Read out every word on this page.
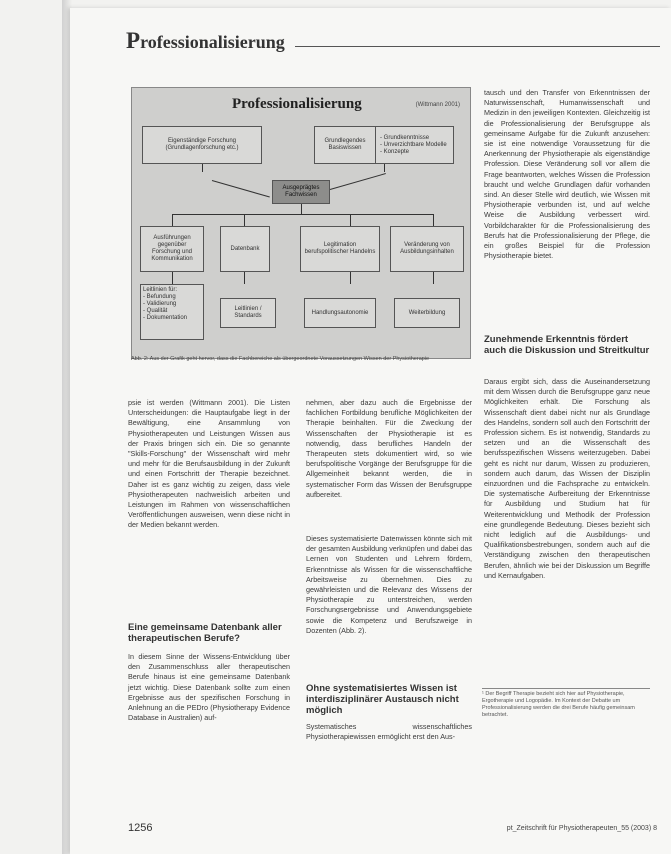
Professionalisierung
Professionalisierung	(Wittmann 2001)
Eigenständige Forschung (Grundlagenforschung etc.)
Grundlegendes Basiswissen
- Grundkenntnisse
- Unverzichtbare Modelle
- Konzepte
Ausgeprägtes Fachwissen
Ausführungen gegenüber Forschung und Kommunikation
Datenbank
Legitimation berufspolitischer Handelns
Veränderung von Ausbildungsinhalten
Leitlinien für:
- Befundung
- Validierung
- Qualität
- Dokumentation
Leitlinien / Standards
Handlungsautonomie	Weiterbildung
Abb. 2: Aus der Grafik geht hervor, dass die Fachbereiche als übergeordnete Voraussetzungen Wissen der Physiotherapie

psie ist werden (Wittmann 2001). Die Listen Unterscheidungen: die Hauptaufgabe liegt in der Bewältigung, eine Ansammlung von Physiotherapeuten und Leistungen Wissen aus der Praxis bringen sich ein. Die so genannte "Skills-Forschung" der Wissenschaft wird mehr und mehr für die Berufsausbildung in der Zukunft und einen Fortschritt der Therapie bezeichnet. Daher ist es ganz wichtig zu zeigen, dass viele Physiotherapeuten nachweislich arbeiten und Leistungen im Rahmen von wissenschaftlichen Veröffentlichungen ausweisen, wenn diese nicht in der Medien bekannt werden.

Eine gemeinsame Datenbank aller therapeutischen Berufe?

In diesem Sinne der Wissens-Entwicklung über den Zusammenschluss aller therapeutischen Berufe hinaus ist eine gemeinsame Datenbank jetzt wichtig. Diese Datenbank sollte zum einen Ergebnisse aus der spezifischen Forschung in Anlehnung an die PEDro (Physiotherapy Evidence Database in Australien) auf-

nehmen, aber dazu auch die Ergebnisse der fachlichen Fortbildung berufliche Möglichkeiten der Therapie beinhalten. Für die Zweckung der Wissenschaften der Physiotherapie ist es notwendig, dass berufliches Handeln der Therapeuten stets dokumentiert wird, so wie berufspolitische Vorgänge der Berufsgruppe für die Allgemeinheit bekannt werden, die in systematischer Form das Wissen der Berufsgruppe aufbereitet.

Dieses systematisierte Datenwissen könnte sich mit der gesamten Ausbildung verknüpfen und dabei das Lernen von Studenten und Lehrern fördern, Erkenntnisse als Wissen für die wissenschaftliche Arbeitsweise zu übernehmen. Dies zu gewährleisten und die Relevanz des Wissens der Physiotherapie zu unterstreichen, werden Forschungsergebnisse und Anwendungsgebiete sowie die Kompetenz und Berufszweige in Dozenten (Abb. 2).

Ohne systematisiertes Wissen ist interdisziplinärer Austausch nicht möglich

Systematisches wissenschaftliches Physiotherapiewissen ermöglicht erst den Aus-

tausch und den Transfer von Erkenntnissen der Naturwissenschaft, Humanwissenschaft und Medizin in den jeweiligen Kontexten. Gleichzeitig ist die Professionalisierung der Berufsgruppe als gemeinsame Aufgabe für die Zukunft anzusehen: sie ist eine notwendige Voraussetzung für die Anerkennung der Physiotherapie als eigenständige Profession. Diese Veränderung soll vor allem die Frage beantworten, welches Wissen die Profession braucht und welche Grundlagen dafür vorhanden sind. An dieser Stelle wird deutlich, wie Wissen mit Physiotherapie verbunden ist, und auf welche Weise die Ausbildung verbessert wird. Vorbildcharakter für die Professionalisierung des Berufs hat die Professionalisierung der Pflege, die ein großes Beispiel für die Profession Physiotherapie bietet.

Zunehmende Erkenntnis fördert auch die Diskussion und Streitkultur

Daraus ergibt sich, dass die Auseinandersetzung mit dem Wissen durch die Berufsgruppe ganz neue Möglichkeiten erhält. Die Forschung als Wissenschaft dient dabei nicht nur als Grundlage des Handelns, sondern soll auch den Fortschritt der Profession sichern. Es ist notwendig, Standards zu setzen und an die Wissenschaft des berufsspezifischen Wissens weiterzugeben. Dabei geht es nicht nur darum, Wissen zu produzieren, sondern auch darum, das Wissen der Disziplin einzuordnen und die Fachsprache zu entwickeln. Die systematische Aufbereitung der Erkenntnisse für Ausbildung und Studium hat für Weiterentwicklung und Methodik der Profession eine grundlegende Bedeutung. Dieses bezieht sich nicht lediglich auf die Ausbildungs- und Qualifikationsbestrebungen, sondern auch auf die Verständigung zwischen den therapeutischen Berufen, ähnlich wie bei der Diskussion um Begriffe und Kernaufgaben.

¹ Der Begriff Therapie bezieht sich hier auf Physiotherapie, Ergotherapie und Logopädie. Im Kontext der Debatte um Professionalisierung werden die drei Berufe häufig gemeinsam betrachtet.
1256	pt_Zeitschrift für Physiotherapeuten_55 (2003) 8
